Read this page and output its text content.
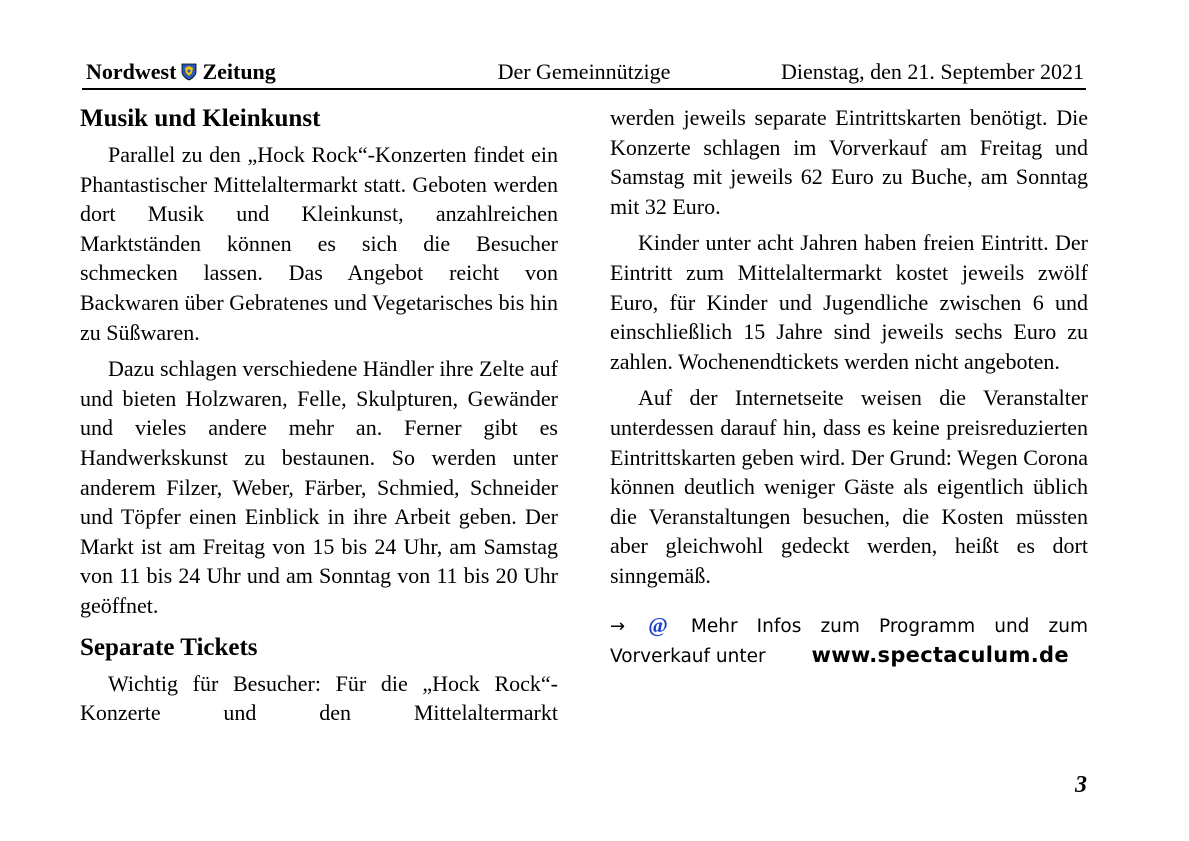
Nordwest Zeitung	Der Gemeinnützige	Dienstag, den 21. September 2021
Musik und Kleinkunst

Parallel zu den „Hock Rock“-Konzerten findet ein Phantastischer Mittelaltermarkt statt. Geboten werden dort Musik und Kleinkunst, anzahlreichen Marktständen können es sich die Besucher schmecken lassen. Das Angebot reicht von Backwaren über Gebratenes und Vegetarisches bis hin zu Süßwaren.

Dazu schlagen verschiedene Händler ihre Zelte auf und bieten Holzwaren, Felle, Skulpturen, Gewänder und vieles andere mehr an. Ferner gibt es Handwerkskunst zu bestaunen. So werden unter anderem Filzer, Weber, Färber, Schmied, Schneider und Töpfer einen Einblick in ihre Arbeit geben. Der Markt ist am Freitag von 15 bis 24 Uhr, am Samstag von 11 bis 24 Uhr und am Sonntag von 11 bis 20 Uhr geöffnet.

Separate Tickets

Wichtig für Besucher: Für die „Hock Rock“-Konzerte und den Mittelaltermarkt

werden jeweils separate Eintrittskarten benötigt. Die Konzerte schlagen im Vorverkauf am Freitag und Samstag mit jeweils 62 Euro zu Buche, am Sonntag mit 32 Euro.

Kinder unter acht Jahren haben freien Eintritt. Der Eintritt zum Mittelaltermarkt kostet jeweils zwölf Euro, für Kinder und Jugendliche zwischen 6 und einschließlich 15 Jahre sind jeweils sechs Euro zu zahlen. Wochenendtickets werden nicht angeboten.

Auf der Internetseite weisen die Veranstalter unterdessen darauf hin, dass es keine preisreduzierten Eintrittskarten geben wird. Der Grund: Wegen Corona können deutlich weniger Gäste als eigentlich üblich die Veranstaltungen besuchen, die Kosten müssten aber gleichwohl gedeckt werden, heißt es dort sinngemäß.

→ @ Mehr Infos zum Programm und zum Vorverkauf unter www.spectaculum.de
3
